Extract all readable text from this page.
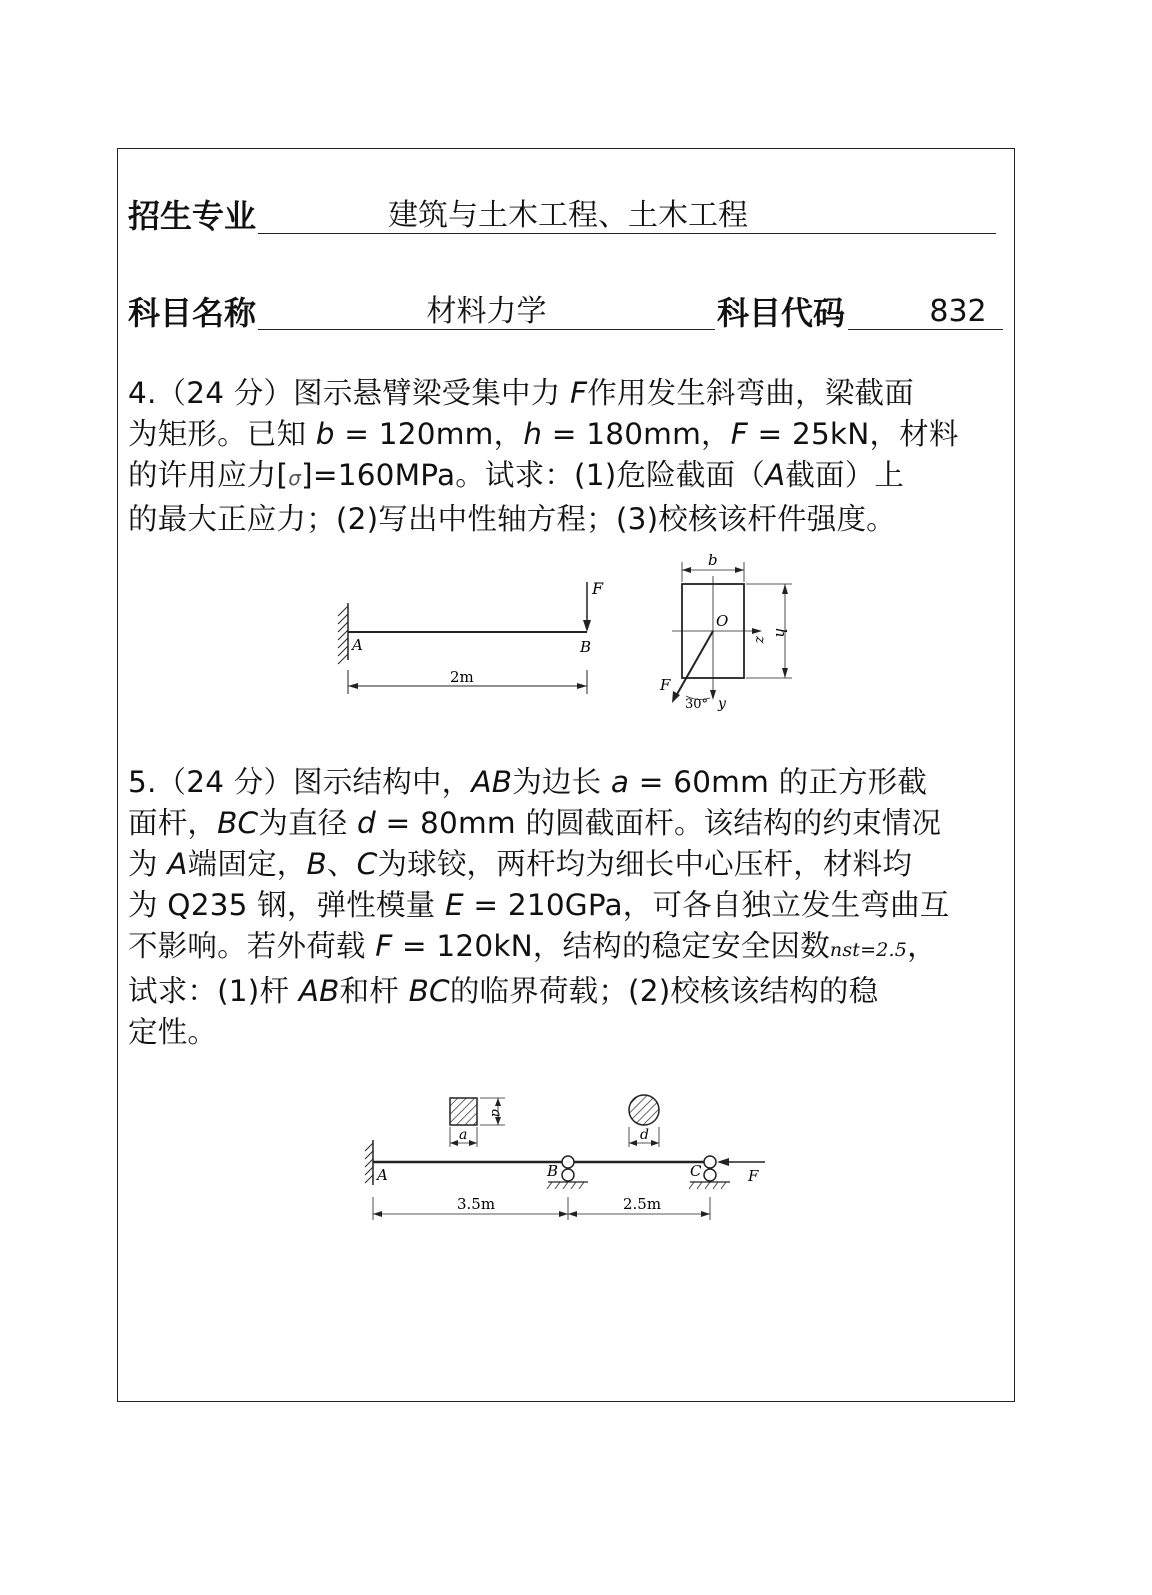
招生专业	建筑与土木工程、土木工程
科目名称	材料力学	科目代码	832

4.（24 分）图示悬臂梁受集中力 F作用发生斜弯曲，梁截面

为矩形。已知 b = 120mm，h = 180mm，F = 25kN，材料

的许用应力[σ]=160MPa。试求：(1)危险截面（A截面）上

的最大正应力；(2)写出中性轴方程；(3)校核该杆件强度。

F
A	B
2m
b
h
O
z
F
30° y

5.（24 分）图示结构中，AB为边长 a = 60mm 的正方形截

面杆，BC为直径 d = 80mm 的圆截面杆。该结构的约束情况

为 A端固定，B、C为球铰，两杆均为细长中心压杆，材料均

为 Q235 钢，弹性模量 E = 210GPa，可各自独立发生弯曲互

不影响。若外荷载 F = 120kN，结构的稳定安全因数nst=2.5，

试求：(1)杆 AB和杆 BC的临界荷载；(2)校核该结构的稳

定性。

a
a	d
F
A	B	C
3.5m	2.5m
